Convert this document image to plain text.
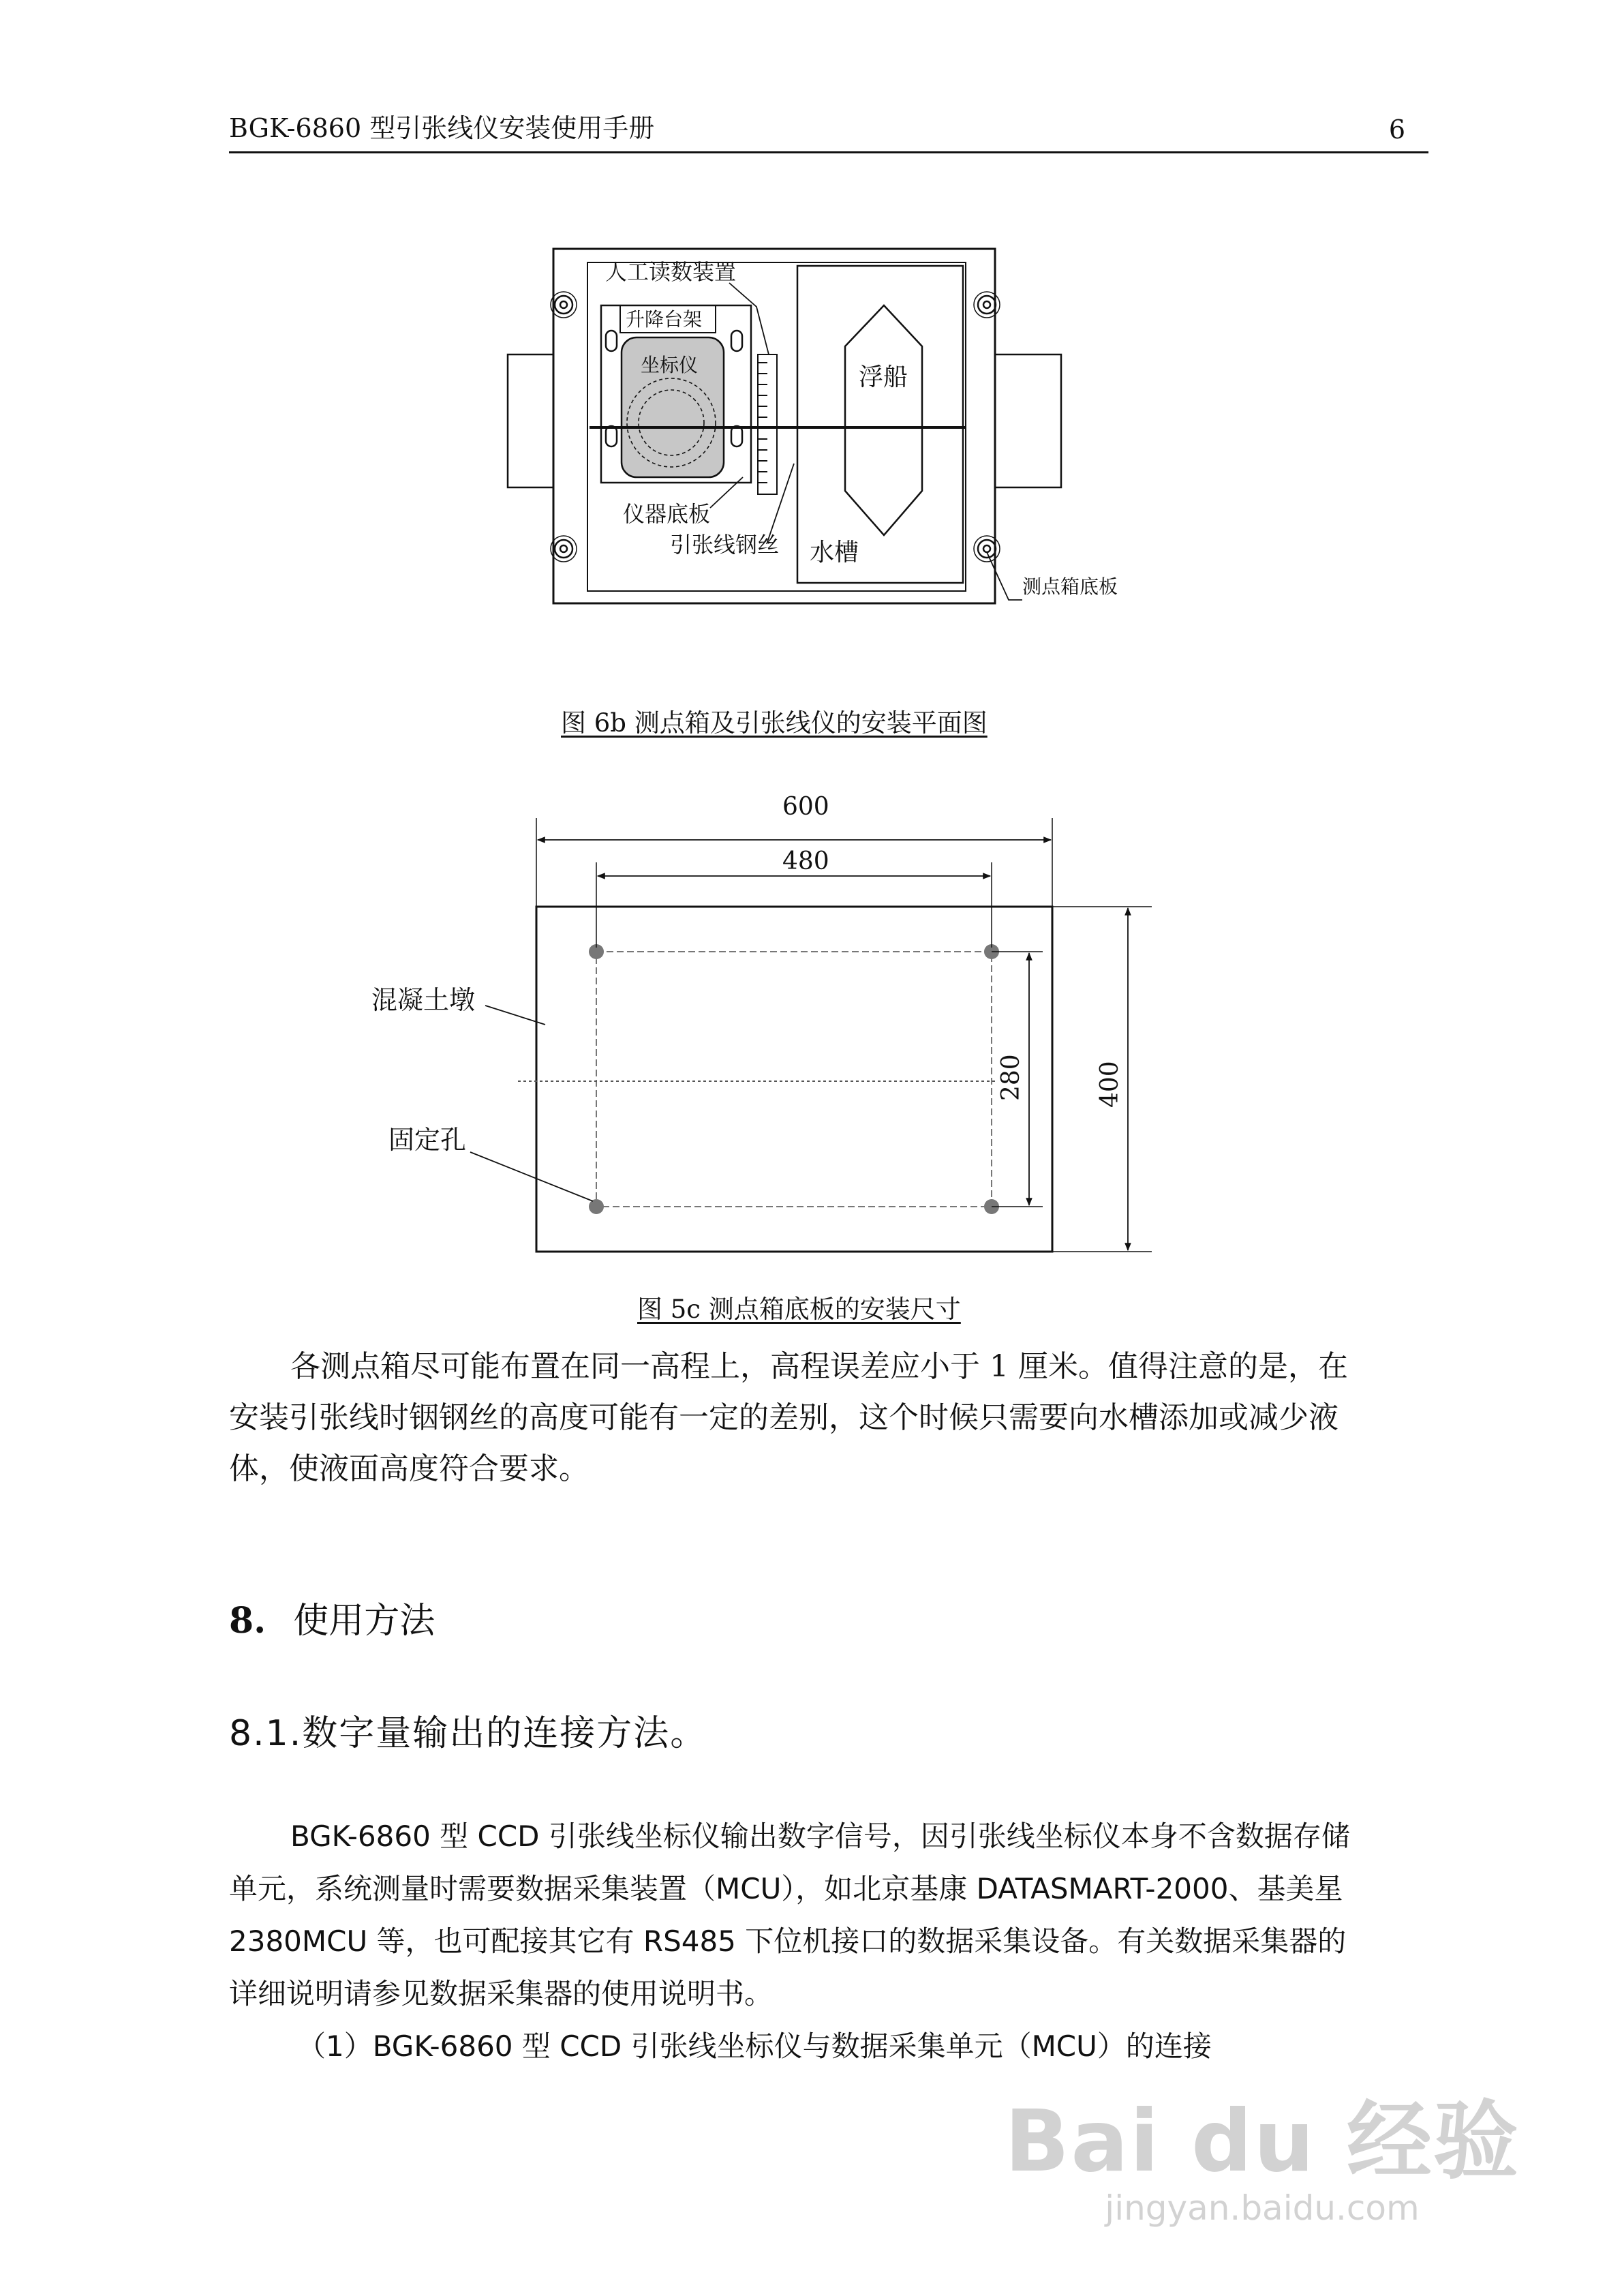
BGK-6860 型引张线仪安装使用手册	6
人工读数装置
升降台架
坐标仪	浮船
仪器底板
引张线钢丝 水槽
测点箱底板
图 6b 测点箱及引张线仪的安装平面图
600
480
280	400
混凝土墩
固定孔
图 5c 测点箱底板的安装尺寸

各测点箱尽可能布置在同一高程上，高程误差应小于 1 厘米。值得注意的是，在

安装引张线时铟钢丝的高度可能有一定的差别，这个时候只需要向水槽添加或减少液

体，使液面高度符合要求。

8. 使用方法
8.1.数字量输出的连接方法。

BGK-6860 型 CCD 引张线坐标仪输出数字信号，因引张线坐标仪本身不含数据存储

单元，系统测量时需要数据采集装置（MCU），如北京基康 DATASMART-2000、基美星

2380MCU 等，也可配接其它有 RS485 下位机接口的数据采集设备。有关数据采集器的

详细说明请参见数据采集器的使用说明书。

（1）BGK-6860 型 CCD 引张线坐标仪与数据采集单元（MCU）的连接

Bai du 经验
jingyan.baidu.com
